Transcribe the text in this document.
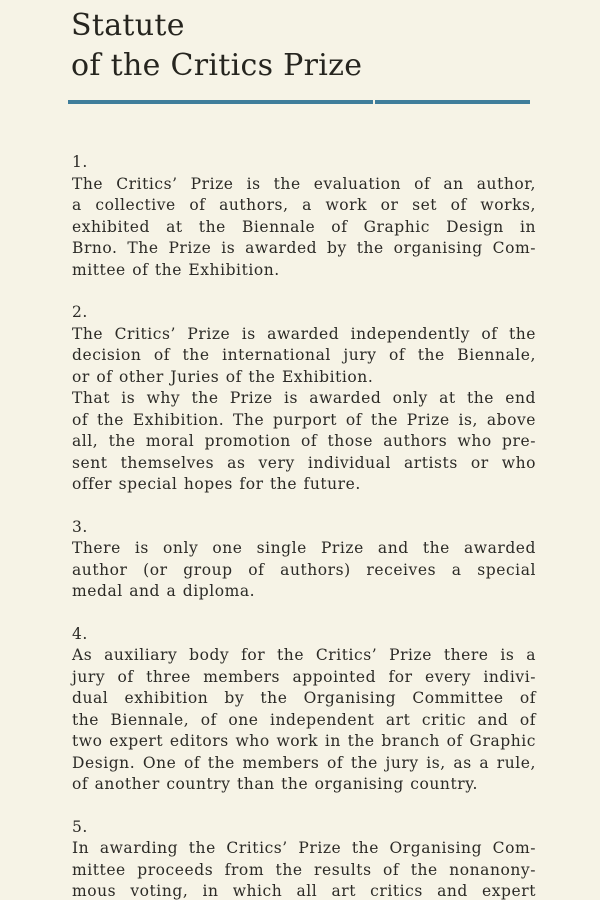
Statute
of the Critics Prize
1.
The Critics’ Prize is the evaluation of an author,
a collective of authors, a work or set of works,
exhibited at the Biennale of Graphic Design in
Brno. The Prize is awarded by the organising Com-
mittee of the Exhibition.
2.
The Critics’ Prize is awarded independently of the
decision of the international jury of the Biennale,
or of other Juries of the Exhibition.
That is why the Prize is awarded only at the end
of the Exhibition. The purport of the Prize is, above
all, the moral promotion of those authors who pre-
sent themselves as very individual artists or who
offer special hopes for the future.
3.
There is only one single Prize and the awarded
author (or group of authors) receives a special
medal and a diploma.
4.
As auxiliary body for the Critics’ Prize there is a
jury of three members appointed for every indivi-
dual exhibition by the Organising Committee of
the Biennale, of one independent art critic and of
two expert editors who work in the branch of Graphic
Design. One of the members of the jury is, as a rule,
of another country than the organising country.
5.
In awarding the Critics’ Prize the Organising Com-
mittee proceeds from the results of the nonanony-
mous voting, in which all art critics and expert
